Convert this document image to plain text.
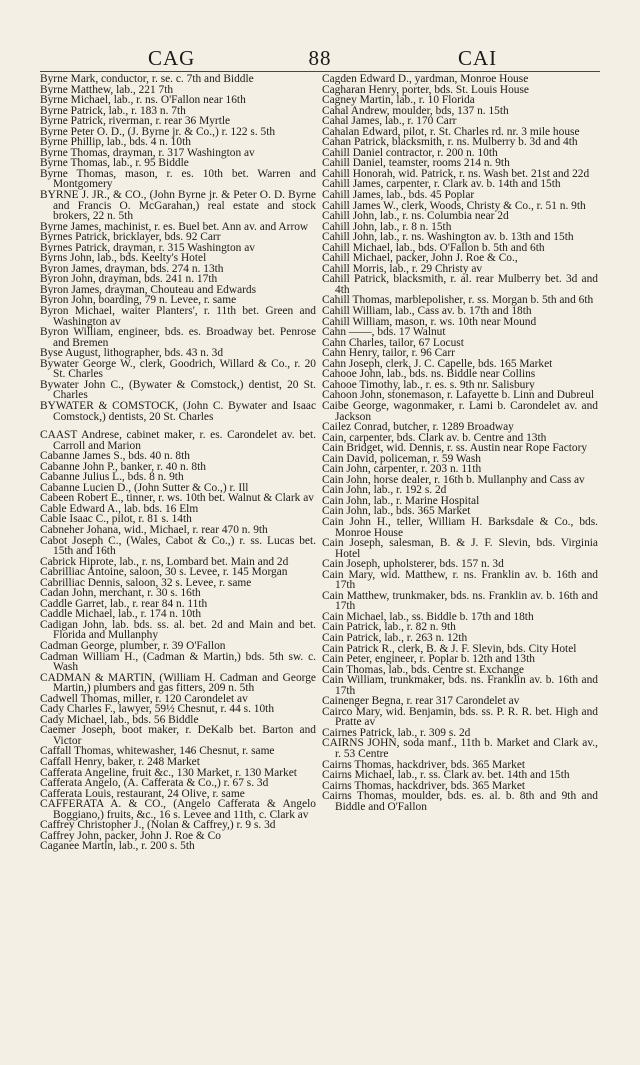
CAG	88	CAI
Byrne Mark, conductor, r. se. c. 7th and Biddle
Byrne Matthew, lab., 221 7th
Byrne Michael, lab., r. ns. O'Fallon near 16th
Byrne Patrick, lab., r. 183 n. 7th
Byrne Patrick, riverman, r. rear 36 Myrtle
Byrne Peter O. D., (J. Byrne jr. & Co.,) r. 122 s. 5th
Byrne Phillip, lab., bds. 4 n. 10th
Byrne Thomas, drayman, r. 317 Washington av
Byrne Thomas, lab., r. 95 Biddle
Byrne Thomas, mason, r. es. 10th bet. Warren and Montgomery
BYRNE J. JR., & CO., (John Byrne jr. & Peter O. D. Byrne and Francis O. McGarahan,) real estate and stock brokers, 22 n. 5th
Byrne James, machinist, r. es. Buel bet. Ann av. and Arrow
Byrnes Patrick, bricklayer, bds. 92 Carr
Byrnes Patrick, drayman, r. 315 Washington av
Byrns John, lab., bds. Keelty's Hotel
Byron James, drayman, bds. 274 n. 13th
Byron John, drayman, bds. 241 n. 17th
Byron James, drayman, Chouteau and Edwards
Byron John, boarding, 79 n. Levee, r. same
Byron Michael, waiter Planters', r. 11th bet. Green and Washington av
Byron William, engineer, bds. es. Broadway bet. Penrose and Bremen
Byse August, lithographer, bds. 43 n. 3d
Bywater George W., clerk, Goodrich, Willard & Co., r. 20 St. Charles
Bywater John C., (Bywater & Comstock,) dentist, 20 St. Charles
BYWATER & COMSTOCK, (John C. Bywater and Isaac Comstock,) dentists, 20 St. Charles
CAAST Andrese, cabinet maker, r. es. Carondelet av. bet. Carroll and Marion
Cabanne James S., bds. 40 n. 8th
Cabanne John P., banker, r. 40 n. 8th
Cabanne Julius L., bds. 8 n. 9th
Cabanne Lucien D., (John Sutter & Co.,) r. Ill
Cabeen Robert E., tinner, r. ws. 10th bet. Walnut & Clark av
Cable Edward A., lab. bds. 16 Elm
Cable Isaac C., pilot, r. 81 s. 14th
Cabneher Johana, wid., Michael, r. rear 470 n. 9th
Cabot Joseph C., (Wales, Cabot & Co.,) r. ss. Lucas bet. 15th and 16th
Cabrick Hiprote, lab., r. ns, Lombard bet. Main and 2d
Cabrilliac Antoine, saloon, 30 s. Levee, r. 145 Morgan
Cabrilliac Dennis, saloon, 32 s. Levee, r. same
Cadan John, merchant, r. 30 s. 16th
Caddle Garret, lab., r. rear 84 n. 11th
Caddle Michael, lab., r. 174 n. 10th
Cadigan John, lab. bds. ss. al. bet. 2d and Main and bet. Florida and Mullanphy
Cadman George, plumber, r. 39 O'Fallon
Cadman William H., (Cadman & Martin,) bds. 5th sw. c. Wash
CADMAN & MARTIN, (William H. Cadman and George Martin,) plumbers and gas fitters, 209 n. 5th
Cadwell Thomas, miller, r. 120 Carondelet av
Cady Charles F., lawyer, 59½ Chesnut, r. 44 s. 10th
Cady Michael, lab., bds. 56 Biddle
Caemer Joseph, boot maker, r. DeKalb bet. Barton and Victor
Caffall Thomas, whitewasher, 146 Chesnut, r. same
Caffall Henry, baker, r. 248 Market
Cafferata Angeline, fruit &c., 130 Market, r. 130 Market
Cafferata Angelo, (A. Cafferata & Co.,) r. 67 s. 3d
Cafferata Louis, restaurant, 24 Olive, r. same
CAFFERATA A. & CO., (Angelo Cafferata & Angelo Boggiano,) fruits, &c., 16 s. Levee and 11th, c. Clark av
Caffrey Christopher J., (Nolan & Caffrey,) r. 9 s. 3d
Caffrey John, packer, John J. Roe & Co
Caganee Martin, lab., r. 200 s. 5th
Cagden Edward D., yardman, Monroe House
Cagharan Henry, porter, bds. St. Louis House
Cagney Martin, lab., r. 10 Florida
Cahal Andrew, moulder, bds, 137 n. 15th
Cahal James, lab., r. 170 Carr
Cahalan Edward, pilot, r. St. Charles rd. nr. 3 mile house
Cahan Patrick, blacksmith, r. ns. Mulberry b. 3d and 4th
Cahill Daniel contractor, r. 200 n. 10th
Cahill Daniel, teamster, rooms 214 n. 9th
Cahill Honorah, wid. Patrick, r. ns. Wash bet. 21st and 22d
Cahill James, carpenter, r. Clark av. b. 14th and 15th
Cahill James, lab., bds. 45 Poplar
Cahill James W., clerk, Woods, Christy & Co., r. 51 n. 9th
Cahill John, lab., r. ns. Columbia near 2d
Cahill John, lab., r. 8 n. 15th
Cahill John, lab., r. ns. Washington av. b. 13th and 15th
Cahill Michael, lab., bds. O'Fallon b. 5th and 6th
Cahill Michael, packer, John J. Roe & Co.,
Cahill Morris, lab., r. 29 Christy av
Cahill Patrick, blacksmith, r. al. rear Mulberry bet. 3d and 4th
Cahill Thomas, marblepolisher, r. ss. Morgan b. 5th and 6th
Cahill William, lab., Cass av. b. 17th and 18th
Cahill William, mason, r. ws. 10th near Mound
Cahn ——, bds. 17 Walnut
Cahn Charles, tailor, 67 Locust
Cahn Henry, tailor, r. 96 Carr
Cahn Joseph, clerk, J. C. Capelle, bds. 165 Market
Cahooe John, lab., bds. ns. Biddle near Collins
Cahooe Timothy, lab., r. es. s. 9th nr. Salisbury
Cahoon John, stonemason, r. Lafayette b. Linn and Dubreul
Caibe George, wagonmaker, r. Lami b. Carondelet av. and Jackson
Cailez Conrad, butcher, r. 1289 Broadway
Cain, carpenter, bds. Clark av. b. Centre and 13th
Cain Bridget, wid. Dennis, r. ss. Austin near Rope Factory
Cain David, policeman, r. 59 Wash
Cain John, carpenter, r. 203 n. 11th
Cain John, horse dealer, r. 16th b. Mullanphy and Cass av
Cain John, lab., r. 192 s. 2d
Cain John, lab., r. Marine Hospital
Cain John, lab., bds. 365 Market
Cain John H., teller, William H. Barksdale & Co., bds. Monroe House
Cain Joseph, salesman, B. & J. F. Slevin, bds. Virginia Hotel
Cain Joseph, upholsterer, bds. 157 n. 3d
Cain Mary, wid. Matthew, r. ns. Franklin av. b. 16th and 17th
Cain Matthew, trunkmaker, bds. ns. Franklin av. b. 16th and 17th
Cain Michael, lab., ss. Biddle b. 17th and 18th
Cain Patrick, lab., r. 82 n. 9th
Cain Patrick, lab., r. 263 n. 12th
Cain Patrick R., clerk, B. & J. F. Slevin, bds. City Hotel
Cain Peter, engineer, r. Poplar b. 12th and 13th
Cain Thomas, lab., bds. Centre st. Exchange
Cain William, trunkmaker, bds. ns. Franklin av. b. 16th and 17th
Cainenger Begna, r. rear 317 Carondelet av
Cairco Mary, wid. Benjamin, bds. ss. P. R. R. bet. High and Pratte av
Cairnes Patrick, lab., r. 309 s. 2d
CAIRNS JOHN, soda manf., 11th b. Market and Clark av., r. 53 Centre
Cairns Thomas, hackdriver, bds. 365 Market
Cairns Michael, lab., r. ss. Clark av. bet. 14th and 15th
Cairns Thomas, hackdriver, bds. 365 Market
Cairns Thomas, moulder, bds. es. al. b. 8th and 9th and Biddle and O'Fallon
